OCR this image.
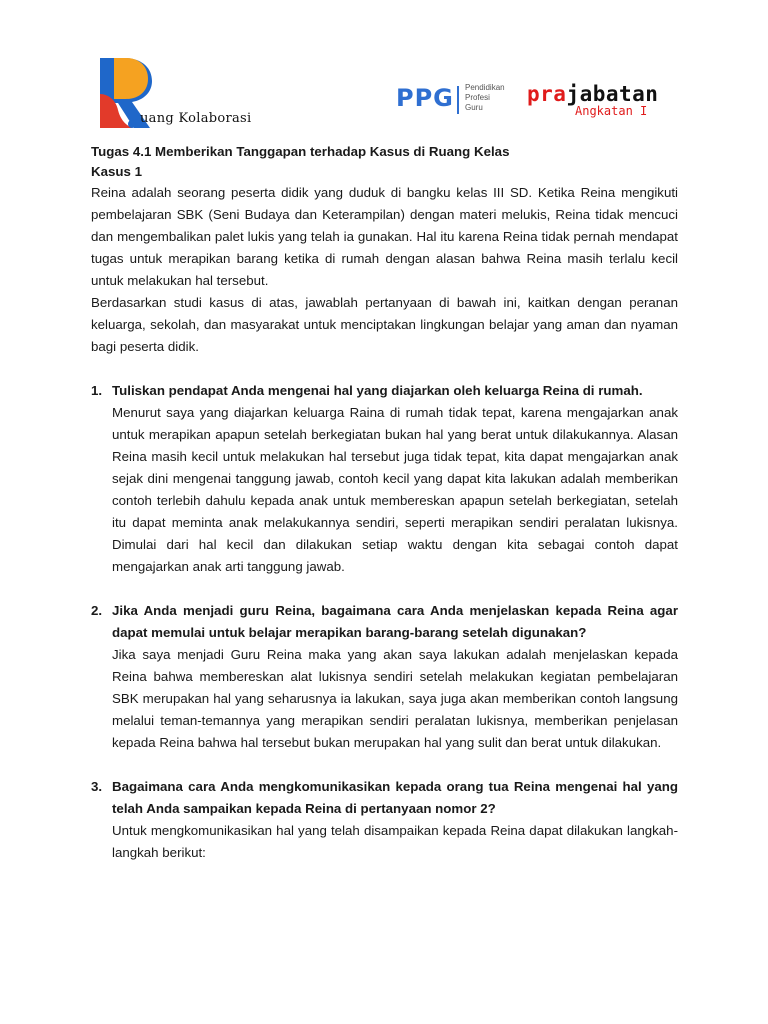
uang Kolaborasi
PPG Pendidikan
Profesi
Guru
prajabatan
Angkatan I

Tugas 4.1 Memberikan Tanggapan terhadap Kasus di Ruang Kelas

Kasus 1

Reina adalah seorang peserta didik yang duduk di bangku kelas III SD. Ketika Reina mengikuti pembelajaran SBK (Seni Budaya dan Keterampilan) dengan materi melukis, Reina tidak mencuci dan mengembalikan palet lukis yang telah ia gunakan. Hal itu karena Reina tidak pernah mendapat tugas untuk merapikan barang ketika di rumah dengan alasan bahwa Reina masih terlalu kecil untuk melakukan hal tersebut.

Berdasarkan studi kasus di atas, jawablah pertanyaan di bawah ini, kaitkan dengan peranan keluarga, sekolah, dan masyarakat untuk menciptakan lingkungan belajar yang aman dan nyaman bagi peserta didik.

1. Tuliskan pendapat Anda mengenai hal yang diajarkan oleh keluarga Reina di rumah.

Menurut saya yang diajarkan keluarga Raina di rumah tidak tepat, karena mengajarkan anak untuk merapikan apapun setelah berkegiatan bukan hal yang berat untuk dilakukannya. Alasan Reina masih kecil untuk melakukan hal tersebut juga tidak tepat, kita dapat mengajarkan anak sejak dini mengenai tanggung jawab, contoh kecil yang dapat kita lakukan adalah memberikan contoh terlebih dahulu kepada anak untuk membereskan apapun setelah berkegiatan, setelah itu dapat meminta anak melakukannya sendiri, seperti merapikan sendiri peralatan lukisnya. Dimulai dari hal kecil dan dilakukan setiap waktu dengan kita sebagai contoh dapat mengajarkan anak arti tanggung jawab.

2. Jika Anda menjadi guru Reina, bagaimana cara Anda menjelaskan kepada Reina agar dapat memulai untuk belajar merapikan barang-barang setelah digunakan?

Jika saya menjadi Guru Reina maka yang akan saya lakukan adalah menjelaskan kepada Reina bahwa membereskan alat lukisnya sendiri setelah melakukan kegiatan pembelajaran SBK merupakan hal yang seharusnya ia lakukan, saya juga akan memberikan contoh langsung melalui teman-temannya yang merapikan sendiri peralatan lukisnya, memberikan penjelasan kepada Reina bahwa hal tersebut bukan merupakan hal yang sulit dan berat untuk dilakukan.

3. Bagaimana cara Anda mengkomunikasikan kepada orang tua Reina mengenai hal yang telah Anda sampaikan kepada Reina di pertanyaan nomor 2?

Untuk mengkomunikasikan hal yang telah disampaikan kepada Reina dapat dilakukan langkah-langkah berikut:
